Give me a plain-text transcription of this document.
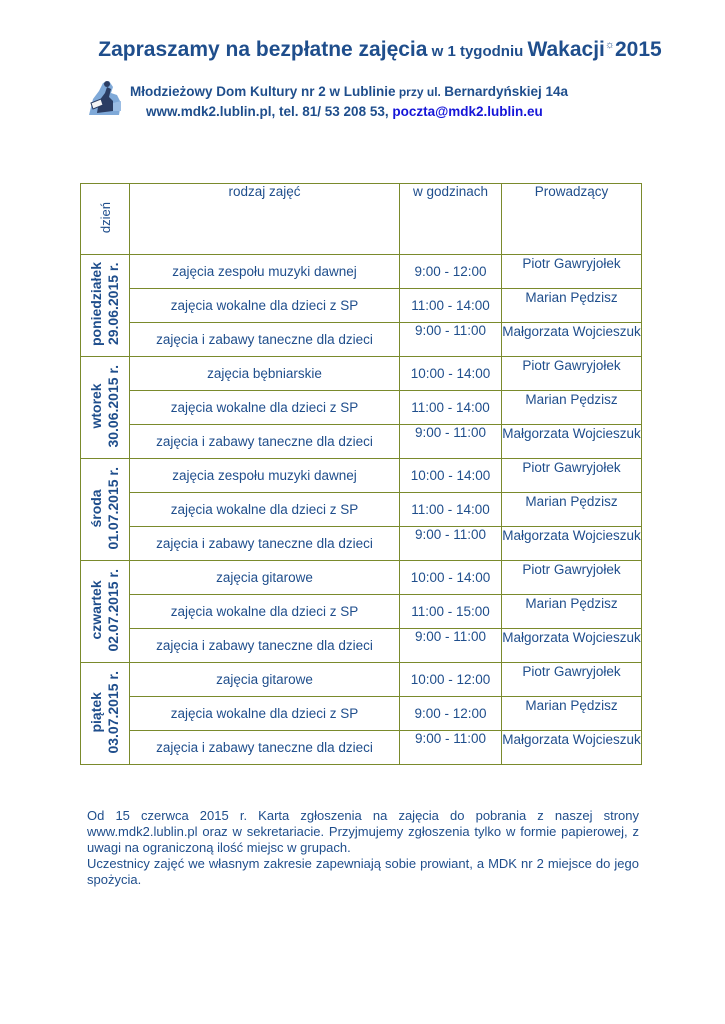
Zapraszamy na bezpłatne zajęcia w 1 tygodniu Wakacji☼2015
Młodzieżowy Dom Kultury nr 2 w Lublinie przy ul. Bernardyńskiej 14a
www.mdk2.lublin.pl, tel. 81/ 53 208 53, poczta@mdk2.lublin.eu
dzień	rodzaj zajęć	w godzinach	Prowadzący
poniedziałek
29.06.2015 r.	zajęcia zespołu muzyki dawnej	9:00 - 12:00	Piotr Gawryjołek
	zajęcia wokalne dla dzieci z SP	11:00 - 14:00	Marian Pędzisz
	zajęcia i zabawy taneczne dla dzieci	9:00 - 11:00	Małgorzata Wojcieszuk
wtorek
30.06.2015 r.	zajęcia bębniarskie	10:00 - 14:00	Piotr Gawryjołek
	zajęcia wokalne dla dzieci z SP	11:00 - 14:00	Marian Pędzisz
	zajęcia i zabawy taneczne dla dzieci	9:00 - 11:00	Małgorzata Wojcieszuk
środa
01.07.2015 r.	zajęcia zespołu muzyki dawnej	10:00 - 14:00	Piotr Gawryjołek
	zajęcia wokalne dla dzieci z SP	11:00 - 14:00	Marian Pędzisz
	zajęcia i zabawy taneczne dla dzieci	9:00 - 11:00	Małgorzata Wojcieszuk
czwartek
02.07.2015 r.	zajęcia gitarowe	10:00 - 14:00	Piotr Gawryjołek
	zajęcia wokalne dla dzieci z SP	11:00 - 15:00	Marian Pędzisz
	zajęcia i zabawy taneczne dla dzieci	9:00 - 11:00	Małgorzata Wojcieszuk
piątek
03.07.2015 r.	zajęcia gitarowe	10:00 - 12:00	Piotr Gawryjołek
	zajęcia wokalne dla dzieci z SP	9:00 - 12:00	Marian Pędzisz
	zajęcia i zabawy taneczne dla dzieci	9:00 - 11:00	Małgorzata Wojcieszuk

Od 15 czerwca 2015 r. Karta zgłoszenia na zajęcia do pobrania z naszej strony www.mdk2.lublin.pl oraz w sekretariacie. Przyjmujemy zgłoszenia tylko w formie papierowej, z uwagi na ograniczoną ilość miejsc w grupach.

Uczestnicy zajęć we własnym zakresie zapewniają sobie prowiant, a MDK nr 2 miejsce do jego spożycia.
